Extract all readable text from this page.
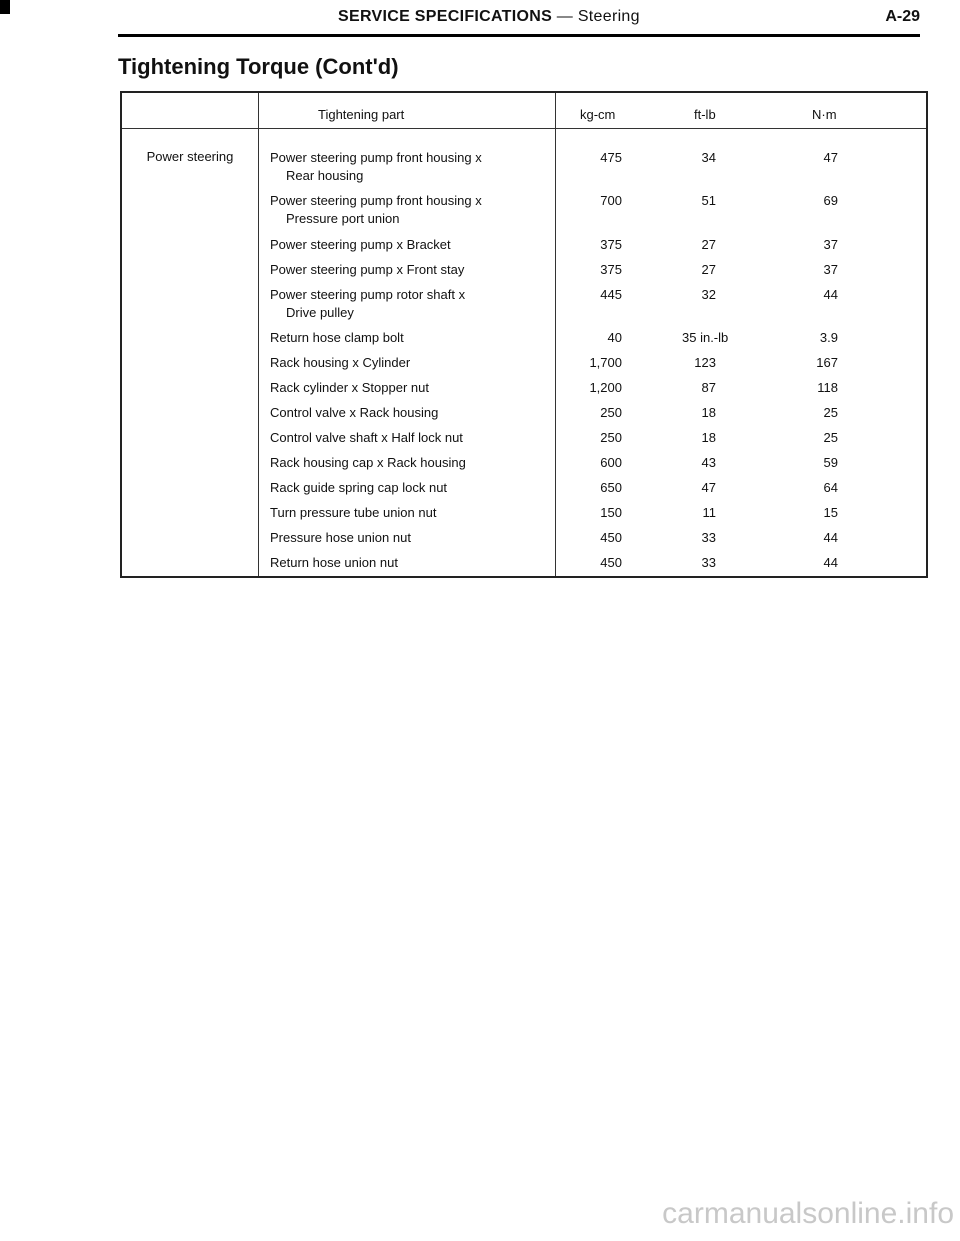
SERVICE SPECIFICATIONS — Steering	A-29
Tightening Torque (Cont'd)
Tightening part	kg-cm	ft-lb	N·m
Power steering	Power steering pump front housing x
Rear housing
475	34	47
Power steering pump front housing x
Pressure port union
700	51	69
Power steering pump x Bracket	375	27	37
Power steering pump x Front stay	375	27	37
Power steering pump rotor shaft x
Drive pulley
445	32	44
Return hose clamp bolt	40	35 in.-lb	3.9
Rack housing x Cylinder	1,700	123	167
Rack cylinder x Stopper nut	1,200	87	118
Control valve x Rack housing	250	18	25
Control valve shaft x Half lock nut	250	18	25
Rack housing cap x Rack housing	600	43	59
Rack guide spring cap lock nut	650	47	64
Turn pressure tube union nut	150	11	15
Pressure hose union nut	450	33	44
Return hose union nut	450	33	44
carmanualsonline.info
